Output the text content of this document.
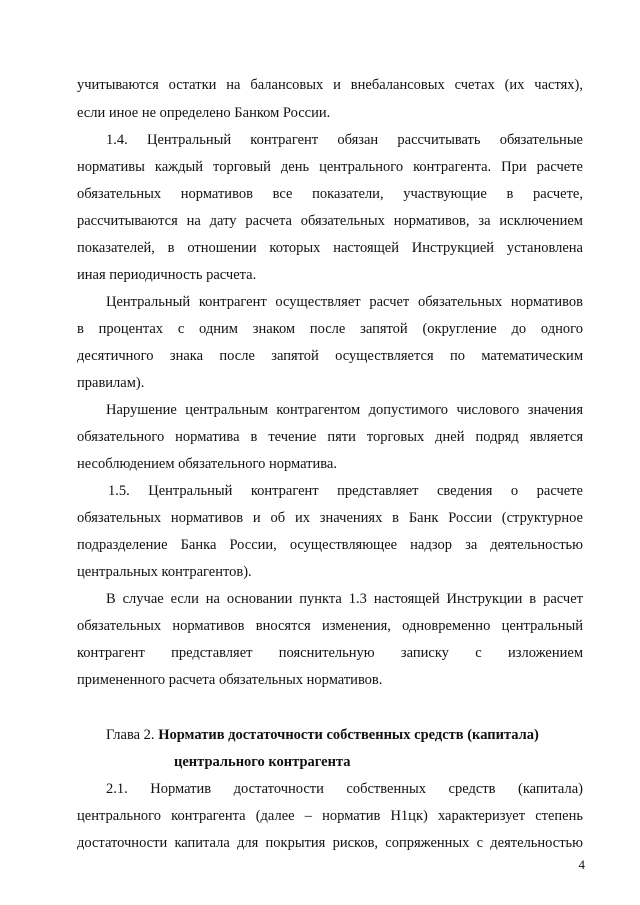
учитываются остатки на балансовых и внебалансовых счетах (их частях),
если иное не определено Банком России.
1.4. Центральный контрагент обязан рассчитывать обязательные
нормативы каждый торговый день центрального контрагента. При расчете
обязательных нормативов все показатели, участвующие в расчете,
рассчитываются на дату расчета обязательных нормативов, за исключением
показателей, в отношении которых настоящей Инструкцией установлена
иная периодичность расчета.
Центральный контрагент осуществляет расчет обязательных нормативов
в процентах с одним знаком после запятой (округление до одного
десятичного знака после запятой осуществляется по математическим
правилам).
Нарушение центральным контрагентом допустимого числового значения
обязательного норматива в течение пяти торговых дней подряд является
несоблюдением обязательного норматива.
1.5. Центральный контрагент представляет сведения о расчете
обязательных нормативов и об их значениях в Банк России (структурное
подразделение Банка России, осуществляющее надзор за деятельностью
центральных контрагентов).
В случае если на основании пункта 1.3 настоящей Инструкции в расчет
обязательных нормативов вносятся изменения, одновременно центральный
контрагент представляет пояснительную записку с изложением
примененного расчета обязательных нормативов.
Глава 2. Норматив достаточности собственных средств (капитала)
центрального контрагента
2.1. Норматив достаточности собственных средств (капитала)
центрального контрагента (далее – норматив Н1цк) характеризует степень
достаточности капитала для покрытия рисков, сопряженных с деятельностью
4
